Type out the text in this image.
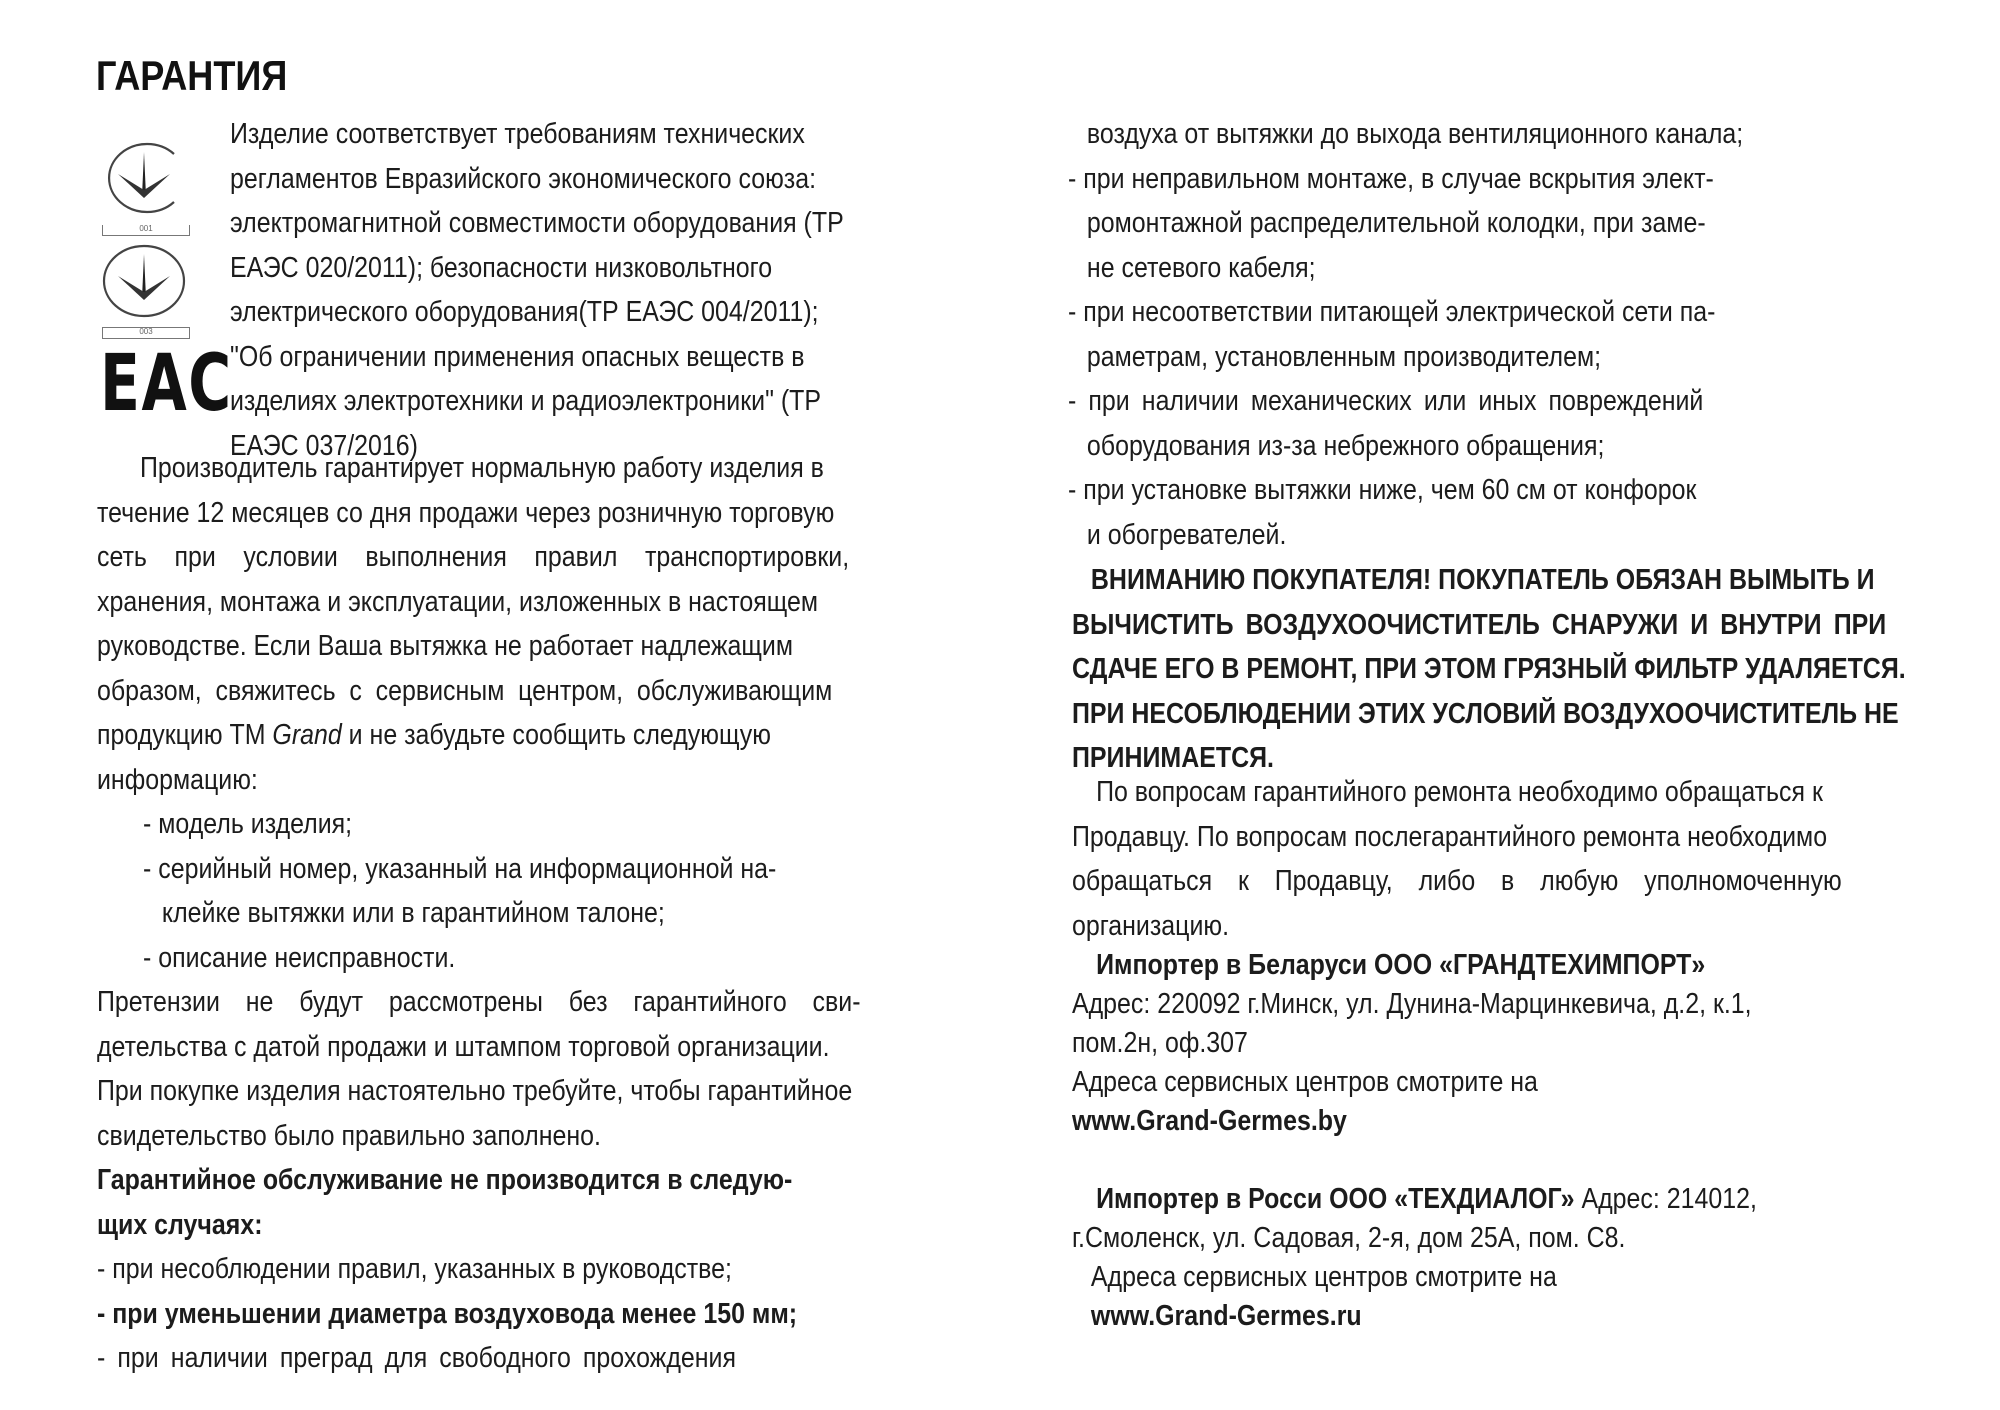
ГАРАНТИЯ
001
003
ЕАС
Изделие соответствует требованиям технических
регламентов Евразийского экономического союза:
электромагнитной совместимости оборудования (ТР
ЕАЭС 020/2011); безопасности низковольтного
электрического оборудования(ТР ЕАЭС 004/2011);
"Об ограничении применения опасных веществ в
изделиях электротехники и радиоэлектроники" (ТР
ЕАЭС 037/2016)
Производитель гарантирует нормальную работу изделия в
течение 12 месяцев со дня продажи через розничную торговую
сеть при условии выполнения правил транспортировки,
хранения, монтажа и эксплуатации, изложенных в настоящем
руководстве. Если Ваша вытяжка не работает надлежащим
образом, свяжитесь с сервисным центром, обслуживающим
продукцию ТМ Grand и не забудьте сообщить следующую
информацию:
- модель изделия;
- серийный номер, указанный на информационной на-
клейке вытяжки или в гарантийном талоне;
- описание неисправности.
Претензии не будут рассмотрены без гарантийного сви-
детельства с датой продажи и штампом торговой организации.
При покупке изделия настоятельно требуйте, чтобы гарантийное
свидетельство было правильно заполнено.
Гарантийное обслуживание не производится в следую-
щих случаях:
- при несоблюдении правил, указанных в руководстве;
- при уменьшении диаметра воздуховода менее 150 мм;
- при наличии преград для свободного прохождения
воздуха от вытяжки до выхода вентиляционного канала;
- при неправильном монтаже, в случае вскрытия элект-
ромонтажной распределительной колодки, при заме-
не сетевого кабеля;
- при несоответствии питающей электрической сети па-
раметрам, установленным производителем;
- при наличии механических или иных повреждений
оборудования из-за небрежного обращения;
- при установке вытяжки ниже, чем 60 см от конфорок
и обогревателей.
ВНИМАНИЮ ПОКУПАТЕЛЯ! ПОКУПАТЕЛЬ ОБЯЗАН ВЫМЫТЬ И
ВЫЧИСТИТЬ ВОЗДУХООЧИСТИТЕЛЬ СНАРУЖИ И ВНУТРИ ПРИ
СДАЧЕ ЕГО В РЕМОНТ, ПРИ ЭТОМ ГРЯЗНЫЙ ФИЛЬТР УДАЛЯЕТСЯ.
ПРИ НЕСОБЛЮДЕНИИ ЭТИХ УСЛОВИЙ ВОЗДУХООЧИСТИТЕЛЬ НЕ
ПРИНИМАЕТСЯ.
По вопросам гарантийного ремонта необходимо обращаться к
Продавцу. По вопросам послегарантийного ремонта необходимо
обращаться к Продавцу, либо в любую уполномоченную
организацию.
Импортер в Беларуси ООО «ГРАНДТЕХИМПОРТ»
Адрес: 220092 г.Минск, ул. Дунина-Марцинкевича, д.2, к.1,
пом.2н, оф.307
Адреса сервисных центров смотрите на
www.Grand-Germes.by
Импортер в Росси ООО «ТЕХДИАЛОГ» Адрес: 214012,
г.Смоленск, ул. Садовая, 2-я, дом 25А, пом. С8.
Адреса сервисных центров смотрите на
www.Grand-Germes.ru
